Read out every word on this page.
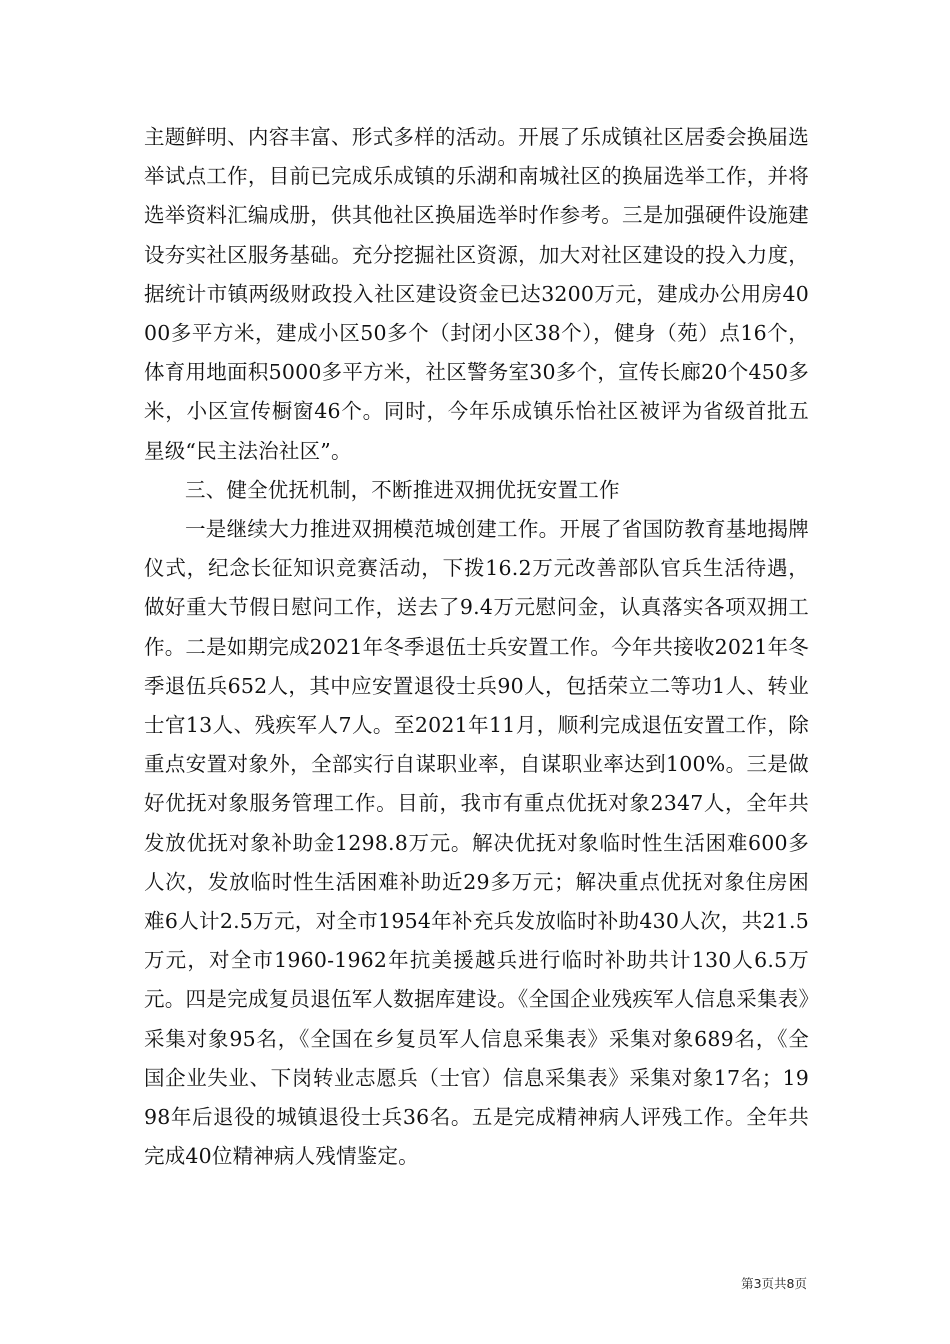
主题鲜明、内容丰富、形式多样的活动。开展了乐成镇社区居委会换届选举试点工作，目前已完成乐成镇的乐湖和南城社区的换届选举工作，并将选举资料汇编成册，供其他社区换届选举时作参考。三是加强硬件设施建设夯实社区服务基础。充分挖掘社区资源，加大对社区建设的投入力度，据统计市镇两级财政投入社区建设资金已达3200万元，建成办公用房4000多平方米，建成小区50多个（封闭小区38个），健身（苑）点16个，体育用地面积5000多平方米，社区警务室30多个，宣传长廊20个450多米，小区宣传橱窗46个。同时，今年乐成镇乐怡社区被评为省级首批五星级“民主法治社区”。

三、健全优抚机制，不断推进双拥优抚安置工作

一是继续大力推进双拥模范城创建工作。开展了省国防教育基地揭牌仪式，纪念长征知识竞赛活动，下拨16.2万元改善部队官兵生活待遇，做好重大节假日慰问工作，送去了9.4万元慰问金，认真落实各项双拥工作。二是如期完成2021年冬季退伍士兵安置工作。今年共接收2021年冬季退伍兵652人，其中应安置退役士兵90人，包括荣立二等功1人、转业士官13人、残疾军人7人。至2021年11月，顺利完成退伍安置工作，除重点安置对象外，全部实行自谋职业率，自谋职业率达到100%。三是做好优抚对象服务管理工作。目前，我市有重点优抚对象2347人，全年共发放优抚对象补助金1298.8万元。解决优抚对象临时性生活困难600多人次，发放临时性生活困难补助近29多万元；解决重点优抚对象住房困难6人计2.5万元，对全市1954年补充兵发放临时补助430人次，共21.5万元，对全市1960-1962年抗美援越兵进行临时补助共计130人6.5万元。四是完成复员退伍军人数据库建设。《全国企业残疾军人信息采集表》采集对象95名，《全国在乡复员军人信息采集表》采集对象689名，《全国企业失业、下岗转业志愿兵（士官）信息采集表》采集对象17名；1998年后退役的城镇退役士兵36名。五是完成精神病人评残工作。全年共完成40位精神病人残情鉴定。

第3页共8页
